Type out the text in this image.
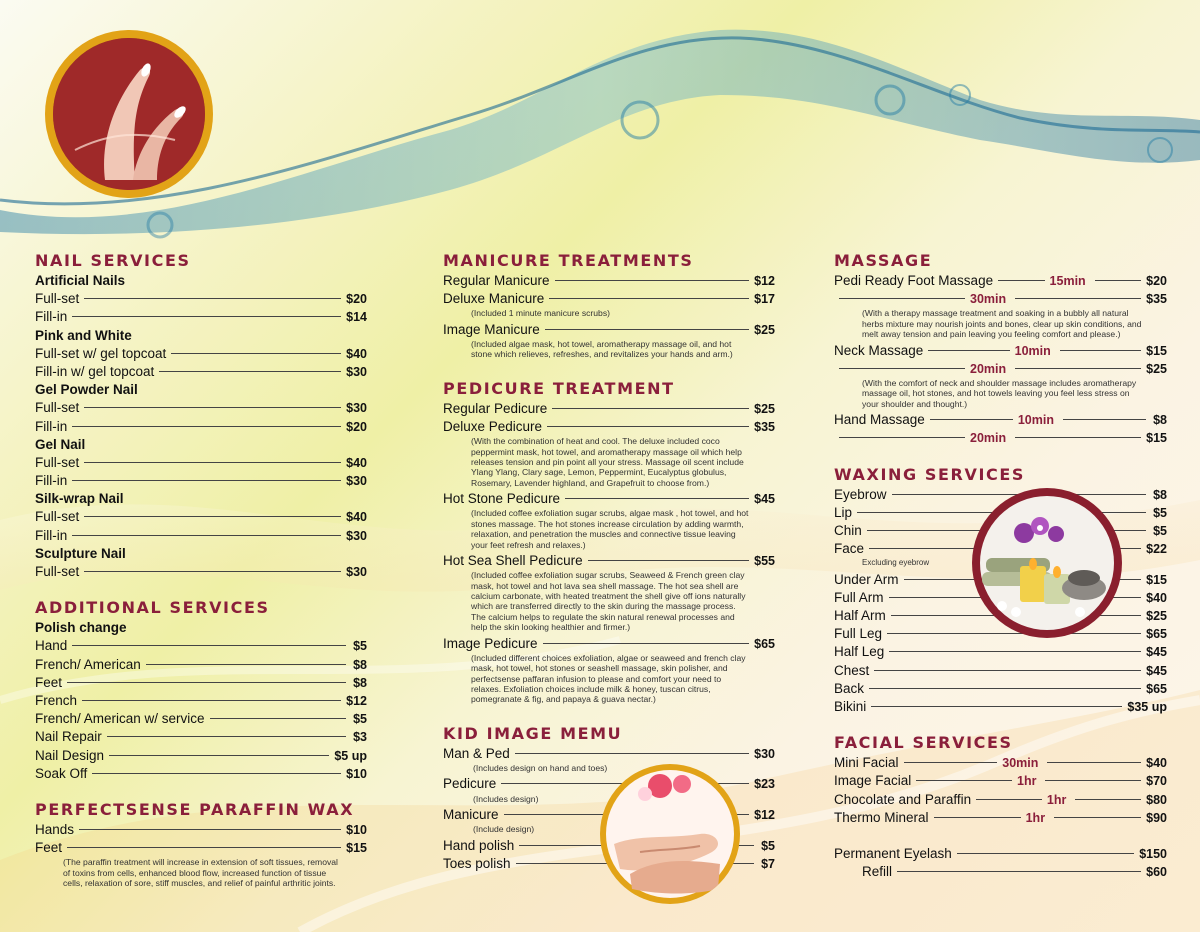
NAIL SERVICES
Artificial Nails
Full-set	$20
Fill-in	$14
Pink and White
Full-set w/ gel topcoat	$40
Fill-in w/ gel topcoat	$30
Gel Powder Nail
Full-set	$30
Fill-in	$20
Gel Nail
Full-set	$40
Fill-in	$30
Silk-wrap Nail
Full-set	$40
Fill-in	$30
Sculpture Nail
Full-set	$30
ADDITIONAL SERVICES
Polish change
Hand	$5
French/ American	$8
Feet	$8
French	$12
French/ American w/ service	$5
Nail Repair	$3
Nail Design	$5 up
Soak Off	$10
PERFECTSENSE PARAFFIN WAX
Hands	$10
Feet	$15
(The paraffin treatment will increase in extension of soft tissues, removal of toxins from cells, enhanced blood flow, increased function of tissue cells, relaxation of sore, stiff muscles, and relief of painful arthritic joints.
MANICURE TREATMENTS
Regular Manicure	$12
Deluxe Manicure	$17
(Included 1 minute manicure scrubs)
Image Manicure	$25
(Included algae mask, hot towel, aromatherapy massage oil, and hot stone which relieves, refreshes, and revitalizes your hands and arm.)
PEDICURE TREATMENT
Regular Pedicure	$25
Deluxe Pedicure	$35
(With the combination of heat and cool. The deluxe included coco peppermint mask, hot towel, and aromatherapy massage oil which help releases tension and pin point all your stress. Massage oil scent include Ylang Ylang, Clary sage, Lemon, Peppermint, Eucalyptus globulus, Rosemary, Lavender highland, and Grapefruit to choose from.)
Hot Stone Pedicure	$45
(Included coffee exfoliation sugar scrubs, algae mask , hot towel, and hot stones massage. The hot stones increase circulation by adding warmth, relaxation, and penetration the muscles and connective tissue leaving your feet refresh and relaxes.)
Hot Sea Shell Pedicure	$55
(Included coffee exfoliation sugar scrubs, Seaweed & French green clay mask, hot towel and hot lava sea shell massage. The hot sea shell are calcium carbonate, with heated treatment the shell give off ions naturally which are transferred directly to the skin during the massage process. The calcium helps to regulate the skin natural renewal processes and help the skin looking healthier and firmer.)
Image Pedicure	$65
(Included different choices exfoliation, algae or seaweed and french clay mask, hot towel, hot stones or seashell massage, skin polisher, and perfectsense paffaran infusion to please and comfort your need to relaxes. Exfoliation choices include milk & honey, tuscan citrus, pomegranate & fig, and papaya & guava nectar.)
KID IMAGE MEMU
Man & Ped	$30
(Includes design on hand and toes)
Pedicure	$23
(Includes design)
Manicure	$12
(Include design)
Hand polish	$5
Toes polish	$7
MASSAGE
Pedi Ready Foot Massage	15min	$20
30min	$35
(With a therapy massage treatment and soaking in a bubbly all natural herbs mixture may nourish joints and bones, clear up skin conditions, and melt away tension and pain leaving you feeling comfort and please.)
Neck Massage	10min	$15
20min	$25
(With the comfort of neck and shoulder massage includes aromatherapy massage oil, hot stones, and hot towels leaving you feel less stress on your shoulder and thought.)
Hand Massage	10min	$8
20min	$15
WAXING SERVICES
Eyebrow	$8
Lip	$5
Chin	$5
Face	$22
Excluding eyebrow
Under Arm	$15
Full Arm	$40
Half Arm	$25
Full Leg	$65
Half Leg	$45
Chest	$45
Back	$65
Bikini	$35 up
FACIAL SERVICES
Mini Facial	30min	$40
Image Facial	1hr	$70
Chocolate and Paraffin	1hr	$80
Thermo Mineral	1hr	$90
Permanent Eyelash	$150
Refill	$60
